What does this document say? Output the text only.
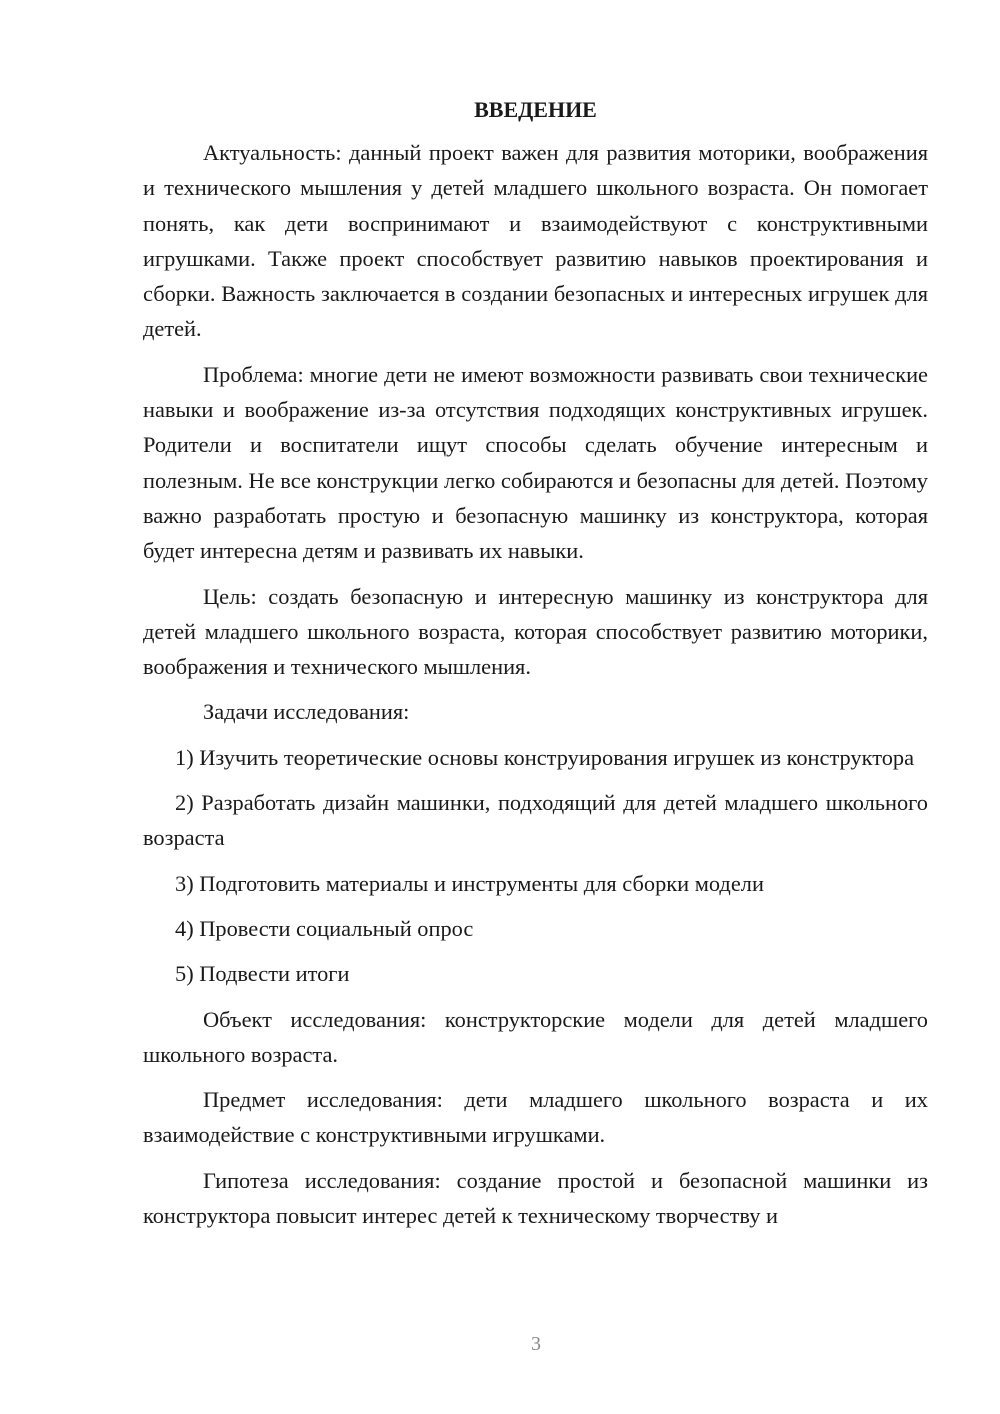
ВВЕДЕНИЕ

Актуальность: данный проект важен для развития моторики, воображения и технического мышления у детей младшего школьного возраста. Он помогает понять, как дети воспринимают и взаимодействуют с конструктивными игрушками. Также проект способствует развитию навыков проектирования и сборки. Важность заключается в создании безопасных и интересных игрушек для детей.

Проблема: многие дети не имеют возможности развивать свои технические навыки и воображение из-за отсутствия подходящих конструктивных игрушек. Родители и воспитатели ищут способы сделать обучение интересным и полезным. Не все конструкции легко собираются и безопасны для детей. Поэтому важно разработать простую и безопасную машинку из конструктора, которая будет интересна детям и развивать их навыки.

Цель: создать безопасную и интересную машинку из конструктора для детей младшего школьного возраста, которая способствует развитию моторики, воображения и технического мышления.

Задачи исследования:

1) Изучить теоретические основы конструирования игрушек из конструктора

2) Разработать дизайн машинки, подходящий для детей младшего школьного возраста

3) Подготовить материалы и инструменты для сборки модели

4) Провести социальный опрос

5) Подвести итоги

Объект исследования: конструкторские модели для детей младшего школьного возраста.

Предмет исследования: дети младшего школьного возраста и их взаимодействие с конструктивными игрушками.

Гипотеза исследования: создание простой и безопасной машинки из конструктора повысит интерес детей к техническому творчеству и

3
